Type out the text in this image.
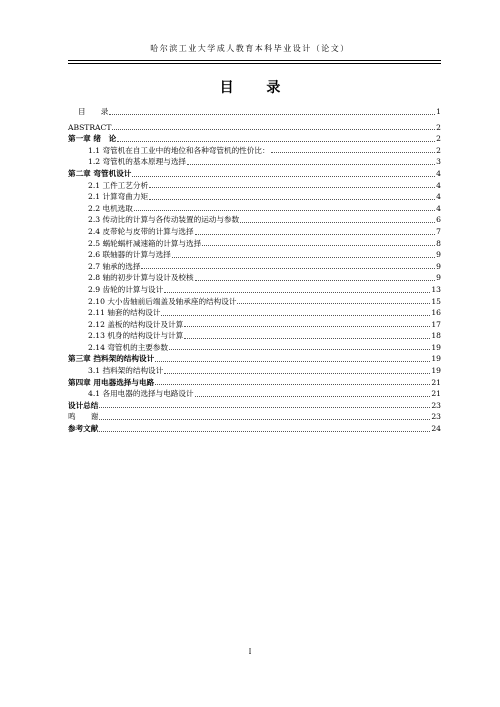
哈尔滨工业大学成人教育本科毕业设计（论文）
目 录
目　　录	1
ABSTRACT	2
第一章 绪　论	2
1.1 弯管机在自工业中的地位和各种弯管机的性价比：	2
1.2 弯管机的基本原理与选择	3
第二章 弯管机设计	4
2.1 工件工艺分析	4
2.1 计算弯曲力矩	4
2.2 电机选取	4
2.3 传动比的计算与各传动装置的运动与参数	6
2.4 皮带轮与皮带的计算与选择	7
2.5 蜗轮蜗杆减速箱的计算与选择	8
2.6 联轴器的计算与选择	9
2.7 轴承的选择	9
2.8 轴的初步计算与设计及校核	9
2.9 齿轮的计算与设计	13
2.10 大小齿轴前后端盖及轴承座的结构设计	15
2.11 轴套的结构设计	16
2.12 盖板的结构设计及计算	17
2.13 机身的结构设计与计算	18
2.14 弯管机的主要参数	19
第三章 挡料架的结构设计	19
3.1 挡料架的结构设计	19
第四章 用电器选择与电路	21
4.1 各用电器的选择与电路设计	21
设计总结	23
鸣　　谢	23
参考文献	24
I
